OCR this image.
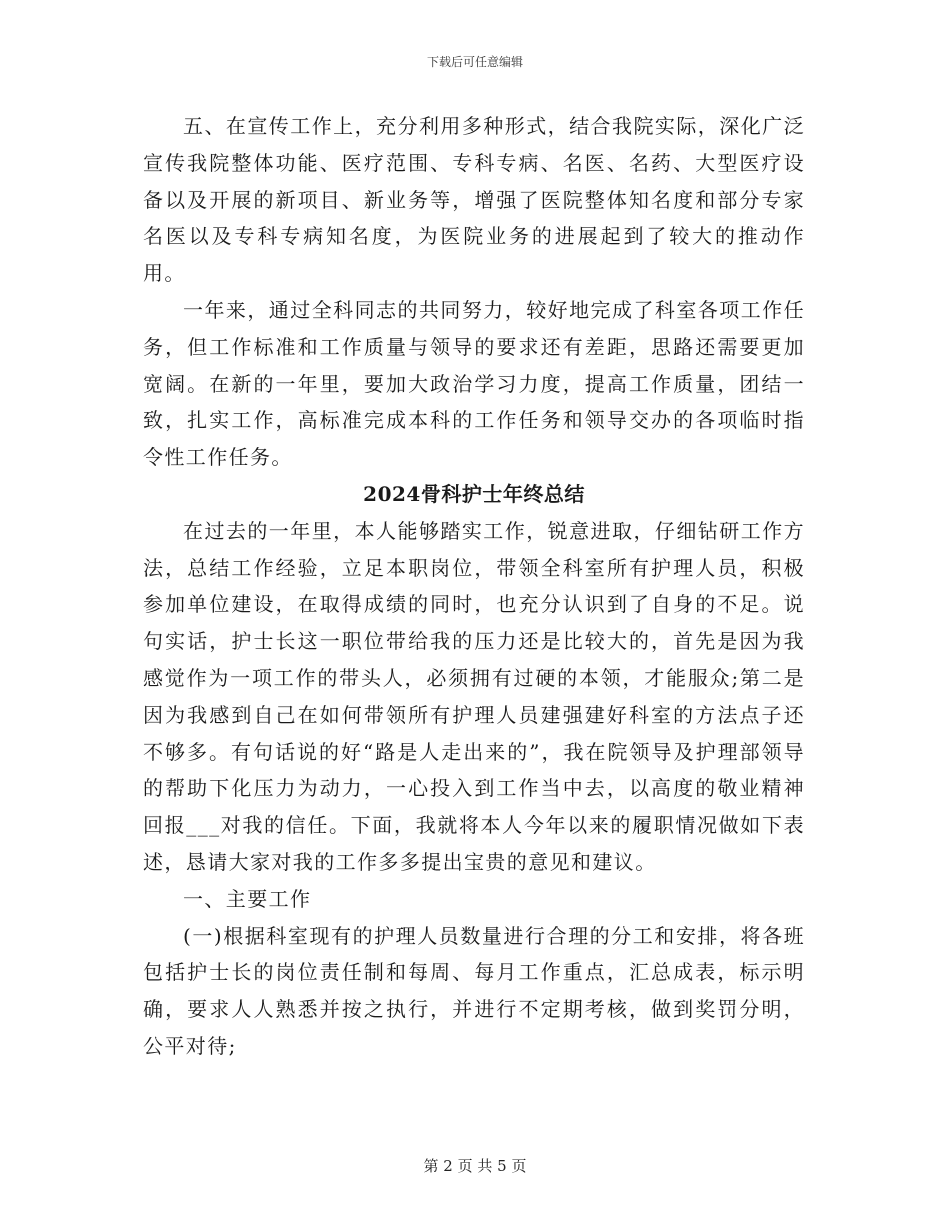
下载后可任意编辑

五、在宣传工作上，充分利用多种形式，结合我院实际，深化广泛宣传我院整体功能、医疗范围、专科专病、名医、名药、大型医疗设备以及开展的新项目、新业务等，增强了医院整体知名度和部分专家名医以及专科专病知名度，为医院业务的进展起到了较大的推动作用。

一年来，通过全科同志的共同努力，较好地完成了科室各项工作任务，但工作标准和工作质量与领导的要求还有差距，思路还需要更加宽阔。在新的一年里，要加大政治学习力度，提高工作质量，团结一致，扎实工作，高标准完成本科的工作任务和领导交办的各项临时指令性工作任务。

2024骨科护士年终总结

在过去的一年里，本人能够踏实工作，锐意进取，仔细钻研工作方法，总结工作经验，立足本职岗位，带领全科室所有护理人员，积极参加单位建设，在取得成绩的同时，也充分认识到了自身的不足。说句实话，护士长这一职位带给我的压力还是比较大的，首先是因为我感觉作为一项工作的带头人，必须拥有过硬的本领，才能服众;第二是因为我感到自己在如何带领所有护理人员建强建好科室的方法点子还不够多。有句话说的好“路是人走出来的”，我在院领导及护理部领导的帮助下化压力为动力，一心投入到工作当中去，以高度的敬业精神回报___对我的信任。下面，我就将本人今年以来的履职情况做如下表述，恳请大家对我的工作多多提出宝贵的意见和建议。

一、主要工作

(一)根据科室现有的护理人员数量进行合理的分工和安排，将各班包括护士长的岗位责任制和每周、每月工作重点，汇总成表，标示明确，要求人人熟悉并按之执行，并进行不定期考核，做到奖罚分明，公平对待;

第 2 页 共 5 页
